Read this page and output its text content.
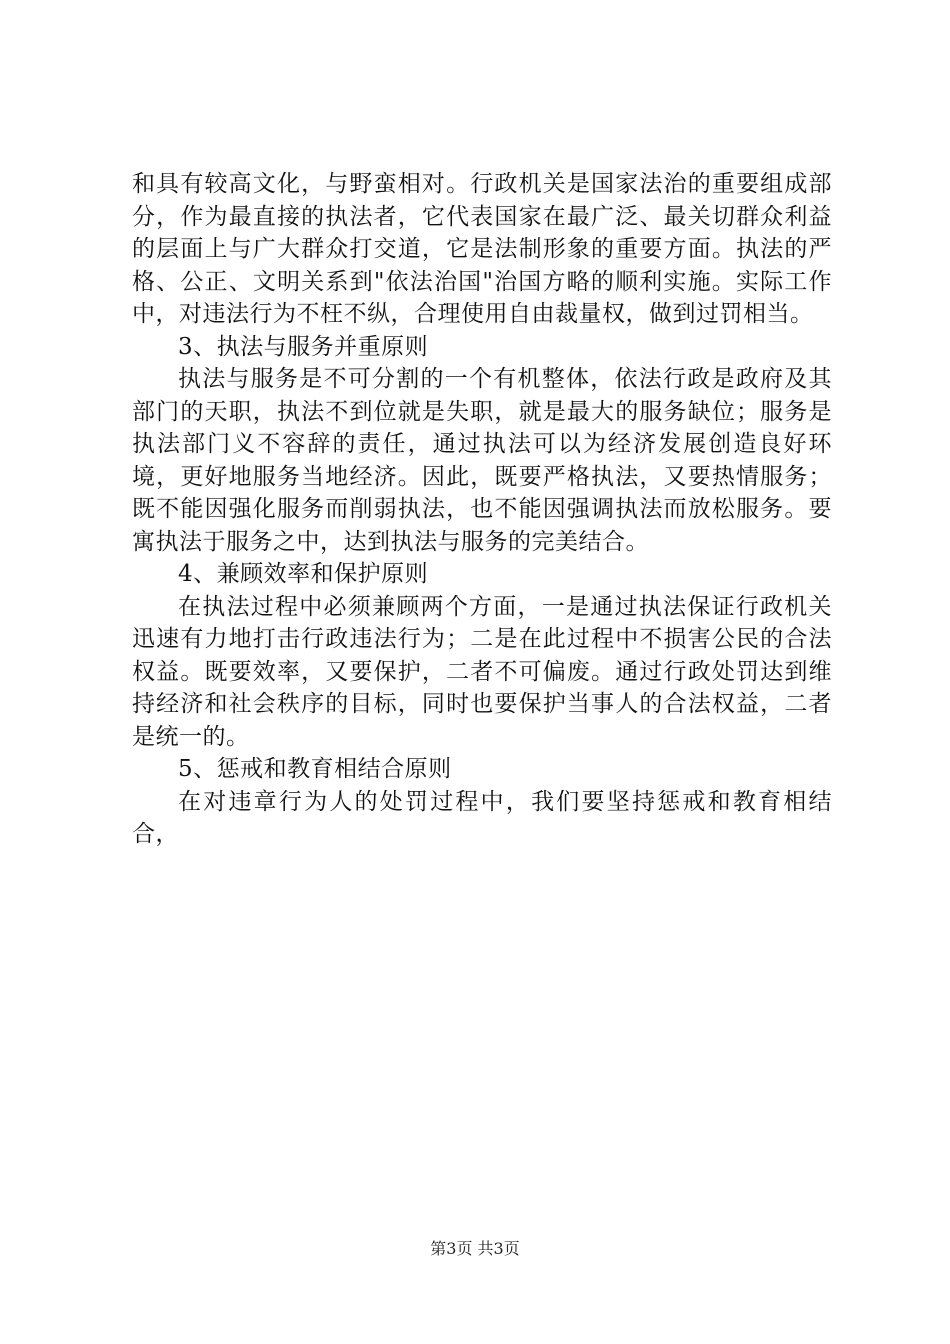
和具有较高文化，与野蛮相对。行政机关是国家法治的重要组成部分，作为最直接的执法者，它代表国家在最广泛、最关切群众利益的层面上与广大群众打交道，它是法制形象的重要方面。执法的严格、公正、文明关系到"依法治国"治国方略的顺利实施。实际工作中，对违法行为不枉不纵，合理使用自由裁量权，做到过罚相当。

3、执法与服务并重原则

执法与服务是不可分割的一个有机整体，依法行政是政府及其部门的天职，执法不到位就是失职，就是最大的服务缺位；服务是执法部门义不容辞的责任，通过执法可以为经济发展创造良好环境，更好地服务当地经济。因此，既要严格执法，又要热情服务；既不能因强化服务而削弱执法，也不能因强调执法而放松服务。要寓执法于服务之中，达到执法与服务的完美结合。

4、兼顾效率和保护原则

在执法过程中必须兼顾两个方面，一是通过执法保证行政机关迅速有力地打击行政违法行为；二是在此过程中不损害公民的合法权益。既要效率，又要保护，二者不可偏废。通过行政处罚达到维持经济和社会秩序的目标，同时也要保护当事人的合法权益，二者是统一的。

5、惩戒和教育相结合原则

在对违章行为人的处罚过程中，我们要坚持惩戒和教育相结合，

第3页 共3页
